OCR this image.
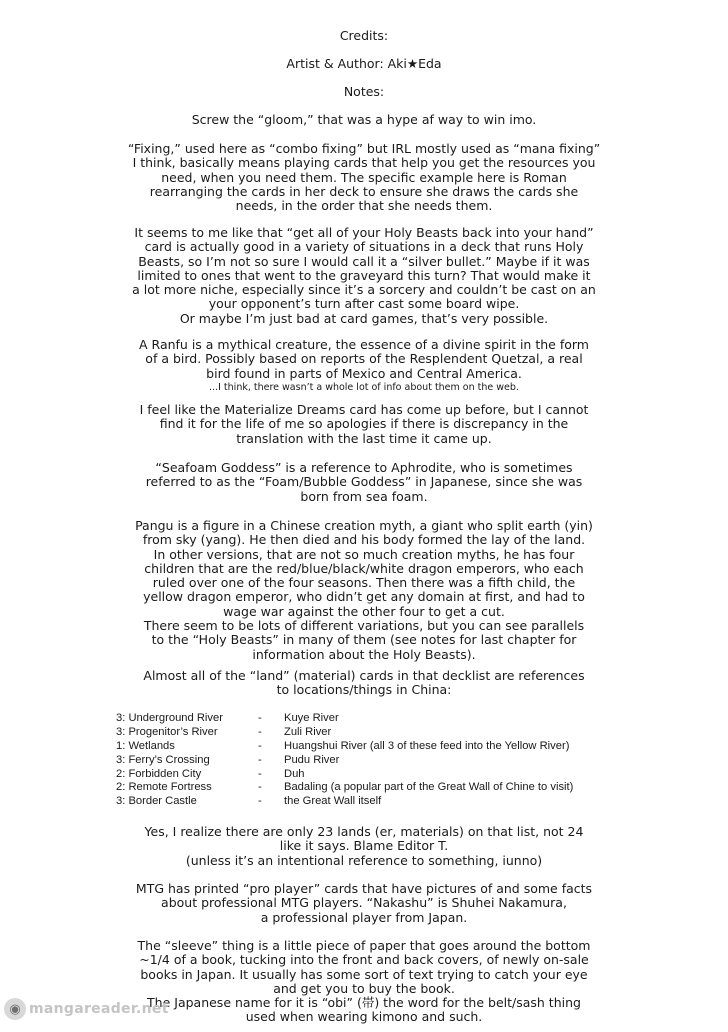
Credits:
Artist & Author: Aki★Eda
Notes:
Screw the “gloom,” that was a hype af way to win imo.
“Fixing,” used here as “combo fixing” but IRL mostly used as “mana fixing”
I think, basically means playing cards that help you get the resources you
need, when you need them. The specific example here is Roman
rearranging the cards in her deck to ensure she draws the cards she
needs, in the order that she needs them.
It seems to me like that “get all of your Holy Beasts back into your hand”
card is actually good in a variety of situations in a deck that runs Holy
Beasts, so I’m not so sure I would call it a “silver bullet.” Maybe if it was
limited to ones that went to the graveyard this turn? That would make it
a lot more niche, especially since it’s a sorcery and couldn’t be cast on an
your opponent’s turn after cast some board wipe.
Or maybe I’m just bad at card games, that’s very possible.
A Ranfu is a mythical creature, the essence of a divine spirit in the form
of a bird. Possibly based on reports of the Resplendent Quetzal, a real
bird found in parts of Mexico and Central America.
...I think, there wasn’t a whole lot of info about them on the web.
I feel like the Materialize Dreams card has come up before, but I cannot
find it for the life of me so apologies if there is discrepancy in the
translation with the last time it came up.
“Seafoam Goddess” is a reference to Aphrodite, who is sometimes
referred to as the “Foam/Bubble Goddess” in Japanese, since she was
born from sea foam.
Pangu is a figure in a Chinese creation myth, a giant who split earth (yin)
from sky (yang). He then died and his body formed the lay of the land.
In other versions, that are not so much creation myths, he has four
children that are the red/blue/black/white dragon emperors, who each
ruled over one of the four seasons. Then there was a fifth child, the
yellow dragon emperor, who didn’t get any domain at first, and had to
wage war against the other four to get a cut.
There seem to be lots of different variations, but you can see parallels
to the “Holy Beasts” in many of them (see notes for last chapter for
information about the Holy Beasts).
Almost all of the “land” (material) cards in that decklist are references
to locations/things in China:
Yes, I realize there are only 23 lands (er, materials) on that list, not 24
like it says. Blame Editor T.
(unless it’s an intentional reference to something, iunno)
MTG has printed “pro player” cards that have pictures of and some facts
about professional MTG players. “Nakashu” is Shuhei Nakamura,
a professional player from Japan.
The “sleeve” thing is a little piece of paper that goes around the bottom
~1/4 of a book, tucking into the front and back covers, of newly on-sale
books in Japan. It usually has some sort of text trying to catch your eye
and get you to buy the book.
The Japanese name for it is “obi” (帯) the word for the belt/sash thing
used when wearing kimono and such.
3: Underground River	- Kuye River
3: Progenitor’s River	- Zuli River
1: Wetlands	- Huangshui River (all 3 of these feed into the Yellow River)
3: Ferry’s Crossing	- Pudu River
2: Forbidden City	- Duh
2: Remote Fortress	- Badaling (a popular part of the Great Wall of Chine to visit)
3: Border Castle	- the Great Wall itself
◉ mangareader.net
